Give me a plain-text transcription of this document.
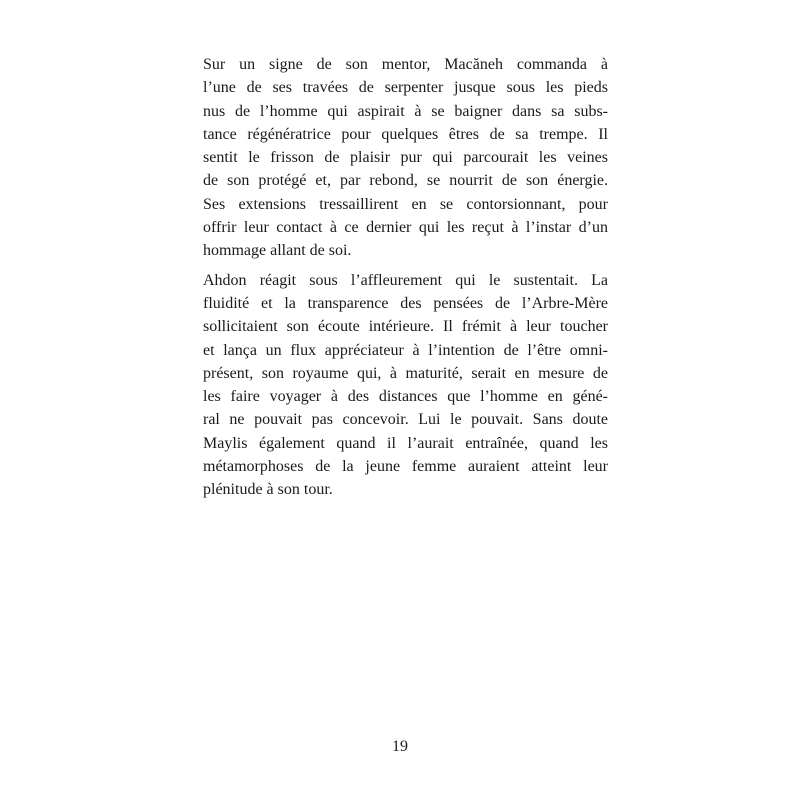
Sur un signe de son mentor, Macăneh commanda à
l’une de ses travées de serpenter jusque sous les pieds
nus de l’homme qui aspirait à se baigner dans sa subs-
tance régénératrice pour quelques êtres de sa trempe. Il
sentit le frisson de plaisir pur qui parcourait les veines
de son protégé et, par rebond, se nourrit de son énergie.
Ses extensions tressaillirent en se contorsionnant, pour
offrir leur contact à ce dernier qui les reçut à l’instar d’un
hommage allant de soi.
Ahdon réagit sous l’affleurement qui le sustentait. La
fluidité et la transparence des pensées de l’Arbre-Mère
sollicitaient son écoute intérieure. Il frémit à leur toucher
et lança un flux appréciateur à l’intention de l’être omni-
présent, son royaume qui, à maturité, serait en mesure de
les faire voyager à des distances que l’homme en géné-
ral ne pouvait pas concevoir. Lui le pouvait. Sans doute
Maylis également quand il l’aurait entraînée, quand les
métamorphoses de la jeune femme auraient atteint leur
plénitude à son tour.
19
